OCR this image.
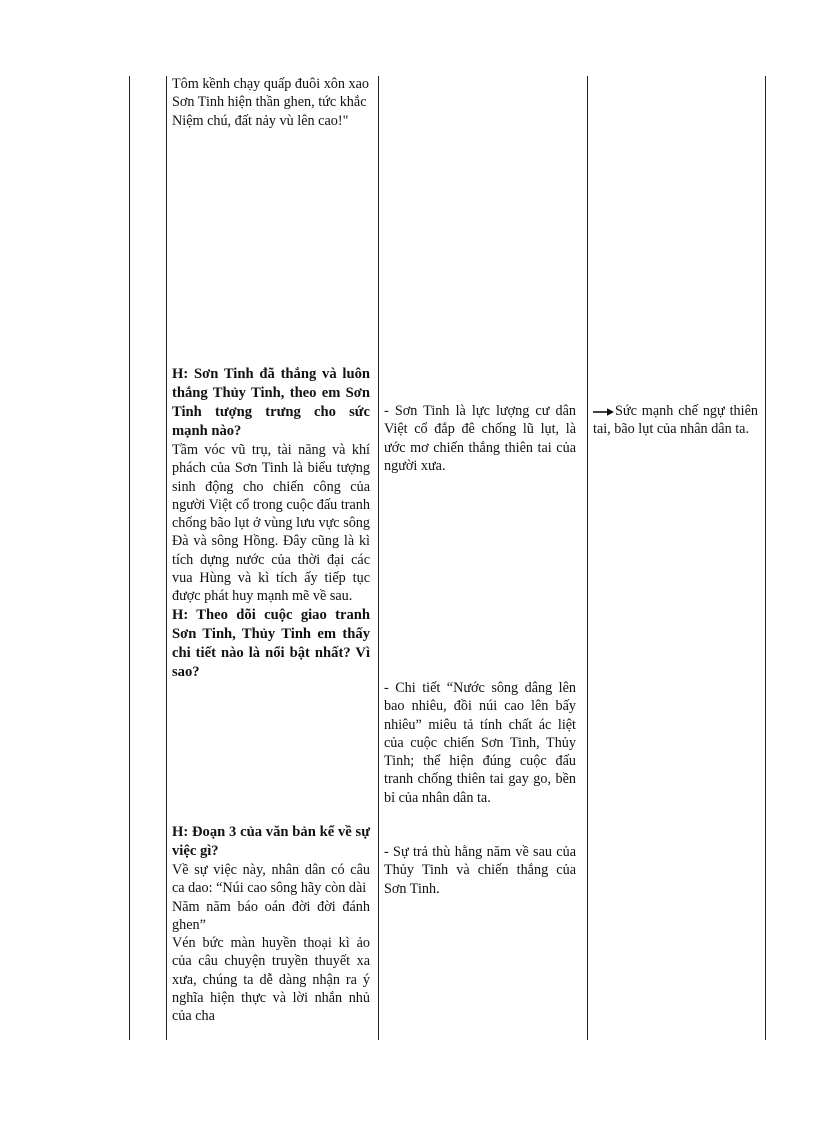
Tôm kềnh chạy quấp đuôi xôn xao
Sơn Tinh hiện thần ghen, tức khắc
Niệm chú, đất nảy vù lên cao!"
H: Sơn Tinh đã thắng và luôn thắng Thủy Tinh, theo em Sơn Tinh tượng trưng cho sức mạnh nào?
Tầm vóc vũ trụ, tài năng và khí phách của Sơn Tinh là biểu tượng sinh động cho chiến công của người Việt cổ trong cuộc đấu tranh chống bão lụt ở vùng lưu vực sông Đà và sông Hồng. Đây cũng là kì tích dựng nước của thời đại các vua Hùng và kì tích ấy tiếp tục được phát huy mạnh mẽ về sau.
H: Theo dõi cuộc giao tranh Sơn Tinh, Thủy Tinh em thấy chi tiết nào là nổi bật nhất? Vì sao?
H: Đoạn 3 của văn bản kể về sự việc gì?
Về sự việc này, nhân dân có câu ca dao: “Núi cao sông hãy còn dài
Năm năm báo oán đời đời đánh ghen”
Vén bức màn huyền thoại kì ảo của câu chuyện truyền thuyết xa xưa, chúng ta dễ dàng nhận ra ý nghĩa hiện thực và lời nhắn nhủ của cha
- Sơn Tinh là lực lượng cư dân Việt cổ đắp đê chống lũ lụt, là ước mơ chiến thắng thiên tai của người xưa.
- Chi tiết “Nước sông dâng lên bao nhiêu, đồi núi cao lên bấy nhiêu” miêu tả tính chất ác liệt của cuộc chiến Sơn Tinh, Thủy Tinh; thể hiện đúng cuộc đấu tranh chống thiên tai gay go, bền bỉ của nhân dân ta.
- Sự trả thù hằng năm về sau của Thủy Tinh và chiến thắng của Sơn Tinh.
Sức mạnh chế ngự thiên tai, bão lụt của nhân dân ta.
